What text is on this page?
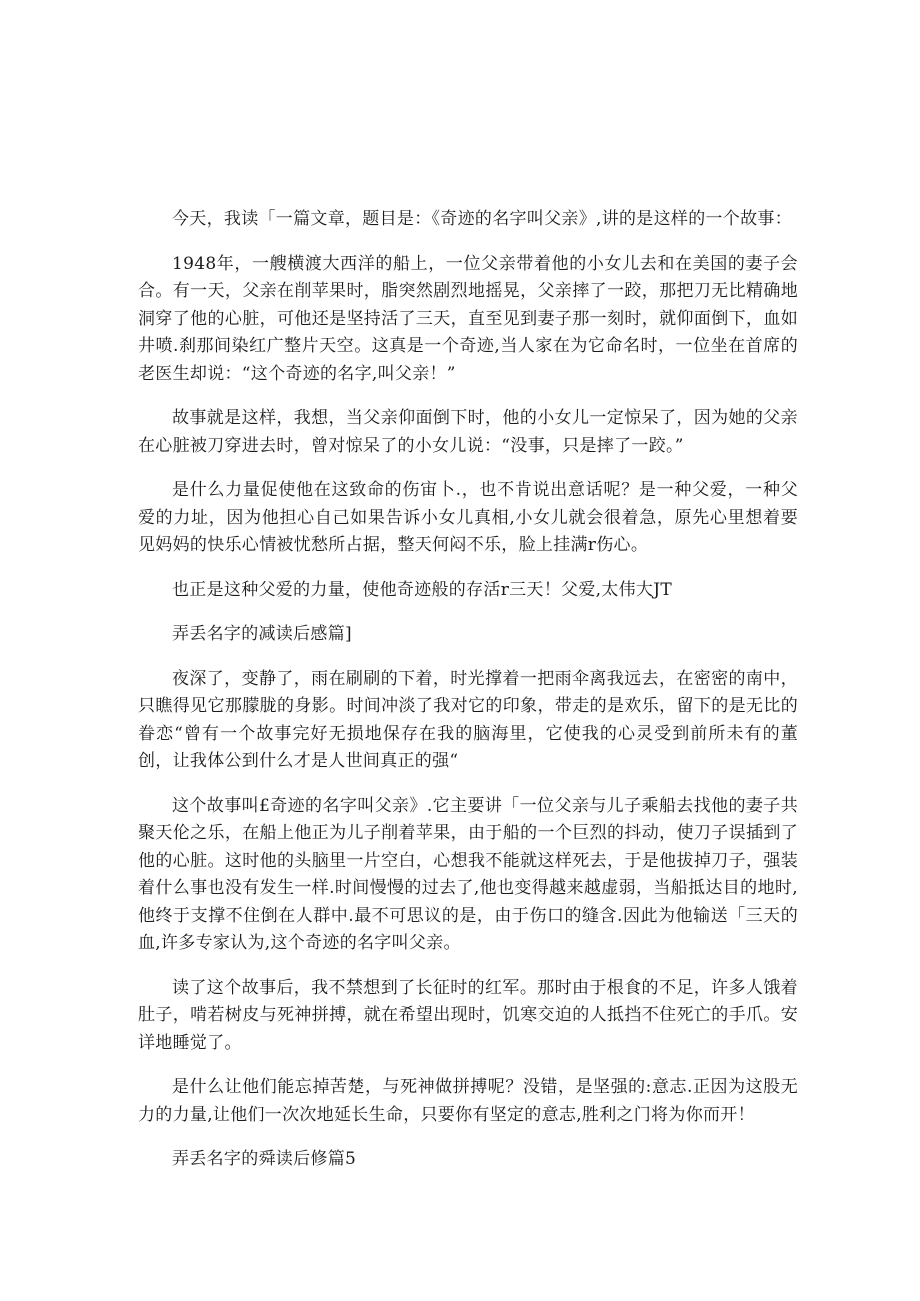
今天，我读「一篇文章，题目是：《奇迹的名字叫父亲》,讲的是这样的一个故事：

1948年，一艘横渡大西洋的船上，一位父亲带着他的小女儿去和在美国的妻子会合。有一天，父亲在削苹果时，脂突然剧烈地摇晃，父亲摔了一跤，那把刀无比精确地洞穿了他的心脏，可他还是坚持活了三天，直至见到妻子那一刻时，就仰面倒下，血如井喷.刹那间染红广整片天空。这真是一个奇迹,当人家在为它命名时，一位坐在首席的老医生却说：“这个奇迹的名字,叫父亲！”

故事就是这样，我想，当父亲仰面倒下时，他的小女儿一定惊呆了，因为她的父亲在心脏被刀穿进去时，曾对惊呆了的小女儿说：“没事，只是摔了一跤。”

是什么力量促使他在这致命的伤宙卜.，也不肯说出意话呢？是一种父爱，一种父爱的力址，因为他担心自己如果告诉小女儿真相,小女儿就会很着急，原先心里想着要见妈妈的快乐心情被忧愁所占据，整天何闷不乐，脸上挂满r伤心。

也正是这种父爱的力量，使他奇迹般的存活r三天！父爱,太伟大JT

弄丢名字的减读后感篇]

夜深了，变静了，雨在刷刷的下着，时光撑着一把雨伞离我远去，在密密的南中，只瞧得见它那朦胧的身影。时间冲淡了我对它的印象，带走的是欢乐，留下的是无比的眷恋“曾有一个故事完好无损地保存在我的脑海里，它使我的心灵受到前所未有的董创，让我体公到什么才是人世间真正的强“

这个故事叫£奇迹的名字叫父亲》.它主要讲「一位父亲与儿子乘船去找他的妻子共聚天伦之乐，在船上他正为儿子削着苹果，由于船的一个巨烈的抖动，使刀子误插到了他的心脏。这时他的头脑里一片空白，心想我不能就这样死去，于是他拔掉刀子，强装着什么事也没有发生一样.时间慢慢的过去了,他也变得越来越虚弱，当船抵达目的地时,他终于支撑不住倒在人群中.最不可思议的是，由于伤口的缝含.因此为他输送「三天的血,许多专家认为,这个奇迹的名字叫父亲。

读了这个故事后，我不禁想到了长征时的红军。那时由于根食的不足，许多人饿着肚子，啃若树皮与死神拼搏，就在希望出现时，饥寒交迫的人抵挡不住死亡的手爪。安详地睡觉了。

是什么让他们能忘掉苦楚，与死神做拼搏呢？没错，是坚强的:意志.正因为这股无力的力量,让他们一次次地延长生命，只要你有坚定的意志,胜利之门将为你而开！

弄丢名字的舜读后修篇5
